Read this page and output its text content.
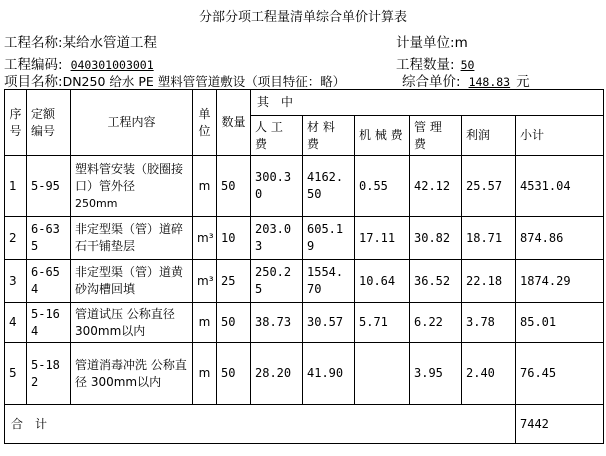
分部分项工程量清单综合单价计算表
工程名称:某给水管道工程	计量单位:m
工程编码: 040301003001	工程数量: 50
项目名称:DN250 给水 PE 塑料管管道敷设（项目特征：略）	综合单价: 148.83 元
序号	定额编号	工程内容	单位	数量	其　中					
					人 工 费	材 料 费	机 械 费	管 理 费	利润	小计
1	5-95	塑料管安装（胶圈接口）管外径
250mm	m	50	300.30	4162.50	0.55	42.12	25.57	4531.04
2	6-635	非定型渠（管）道碎石干铺垫层	m³	10	203.03	605.19	17.11	30.82	18.71	874.86
3	6-654	非定型渠（管）道黄砂沟槽回填	m³	25	250.25	1554.70	10.64	36.52	22.18	1874.29
4	5-164	管道试压 公称直径 300mm以内	m	50	38.73	30.57	5.71	6.22	3.78	85.01
5	5-182	管道消毒冲洗 公称直径 300mm以内	m	50	28.20	41.90		3.95	2.40	76.45
合　计										7442
